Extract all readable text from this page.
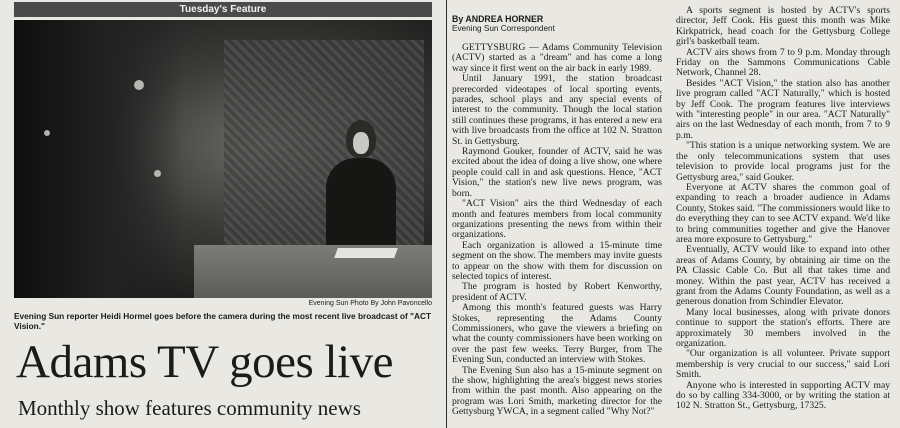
Tuesday's Feature
Evening Sun Photo By John Pavoncello
Evening Sun reporter Heidi Hormel goes before the camera during the most recent live broadcast of "ACT Vision."
Adams TV goes live
Monthly show features community news
By ANDREA HORNER
Evening Sun Correspondent

GETTYSBURG — Adams Community Television (ACTV) started as a "dream" and has come a long way since it first went on the air back in early 1989.

Until January 1991, the station broadcast prerecorded videotapes of local sporting events, parades, school plays and any special events of interest to the community. Though the local station still continues these programs, it has entered a new era with live broadcasts from the office at 102 N. Stratton St. in Gettysburg.

Raymond Gouker, founder of ACTV, said he was excited about the idea of doing a live show, one where people could call in and ask questions. Hence, "ACT Vision," the station's new live news program, was born.

"ACT Vision" airs the third Wednesday of each month and features members from local community organizations presenting the news from within their organizations.

Each organization is allowed a 15-minute time segment on the show. The members may invite guests to appear on the show with them for discussion on selected topics of interest.

The program is hosted by Robert Kenworthy, president of ACTV.

Among this month's featured guests was Harry Stokes, representing the Adams County Commissioners, who gave the viewers a briefing on what the county commissioners have been working on over the past few weeks. Terry Burger, from The Evening Sun, conducted an interview with Stokes.

The Evening Sun also has a 15-minute segment on the show, highlighting the area's biggest news stories from within the past month. Also appearing on the program was Lori Smith, marketing director for the Gettysburg YWCA, in a segment called "Why Not?"

A sports segment is hosted by ACTV's sports director, Jeff Cook. His guest this month was Mike Kirkpatrick, head coach for the Gettysburg College girl's basketball team.

ACTV airs shows from 7 to 9 p.m. Monday through Friday on the Sammons Communications Cable Network, Channel 28.

Besides "ACT Vision," the station also has another live program called "ACT Naturally," which is hosted by Jeff Cook. The program features live interviews with "interesting people" in our area. "ACT Naturally" airs on the last Wednesday of each month, from 7 to 9 p.m.

"This station is a unique networking system. We are the only telecommunications system that uses television to provide local programs just for the Gettysburg area," said Gouker.

Everyone at ACTV shares the common goal of expanding to reach a broader audience in Adams County, Stokes said. "The commissioners would like to do everything they can to see ACTV expand. We'd like to bring communities together and give the Hanover area more exposure to Gettysburg."

Eventually, ACTV would like to expand into other areas of Adams County, by obtaining air time on the PA Classic Cable Co. But all that takes time and money. Within the past year, ACTV has received a grant from the Adams County Foundation, as well as a generous donation from Schindler Elevator.

Many local businesses, along with private donors continue to support the station's efforts. There are approximately 30 members involved in the organization.

"Our organization is all volunteer. Private support membership is very crucial to our success," said Lori Smith.

Anyone who is interested in supporting ACTV may do so by calling 334-3000, or by writing the station at 102 N. Stratton St., Gettysburg, 17325.
